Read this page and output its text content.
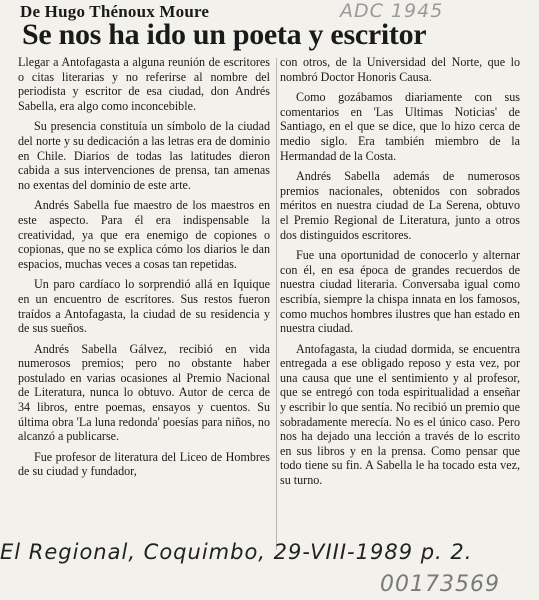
De Hugo Thénoux Moure	ADC 1945
Se nos ha ido un poeta y escritor

Llegar a Antofagasta a alguna reunión de escritores o citas literarias y no referirse al nombre del periodista y escritor de esa ciudad, don Andrés Sabella, era algo como inconcebible.

Su presencia constituía un símbolo de la ciudad del norte y su dedicación a las letras era de dominio en Chile. Diarios de todas las latitudes dieron cabida a sus intervenciones de prensa, tan amenas no exentas del dominio de este arte.

Andrés Sabella fue maestro de los maestros en este aspecto. Para él era indispensable la creatividad, ya que era enemigo de copiones o copionas, que no se explica cómo los diarios le dan espacios, muchas veces a cosas tan repetidas.

Un paro cardíaco lo sorprendió allá en Iquique en un encuentro de escritores. Sus restos fueron traídos a Antofagasta, la ciudad de su residencia y de sus sueños.

Andrés Sabella Gálvez, recibió en vida numerosos premios; pero no obstante haber postulado en varias ocasiones al Premio Nacional de Literatura, nunca lo obtuvo. Autor de cerca de 34 libros, entre poemas, ensayos y cuentos. Su última obra 'La luna redonda' poesías para niños, no alcanzó a publicarse.

Fue profesor de literatura del Liceo de Hombres de su ciudad y fundador,

con otros, de la Universidad del Norte, que lo nombró Doctor Honoris Causa.

Como gozábamos diariamente con sus comentarios en 'Las Ultimas Noticias' de Santiago, en el que se dice, que lo hizo cerca de medio siglo. Era también miembro de la Hermandad de la Costa.

Andrés Sabella además de numerosos premios nacionales, obtenidos con sobrados méritos en nuestra ciudad de La Serena, obtuvo el Premio Regional de Literatura, junto a otros dos distinguidos escritores.

Fue una oportunidad de conocerlo y alternar con él, en esa época de grandes recuerdos de nuestra ciudad literaria. Conversaba igual como escribía, siempre la chispa innata en los famosos, como muchos hombres ilustres que han estado en nuestra ciudad.

Antofagasta, la ciudad dormida, se encuentra entregada a ese obligado reposo y esta vez, por una causa que une el sentimiento y al profesor, que se entregó con toda espiritualidad a enseñar y escribir lo que sentía. No recibió un premio que sobradamente merecía. No es el único caso. Pero nos ha dejado una lección a través de lo escrito en sus libros y en la prensa. Como pensar que todo tiene su fin. A Sabella le ha tocado esta vez, su turno.

El Regional, Coquimbo, 29-VIII-1989 p. 2.
00173569
